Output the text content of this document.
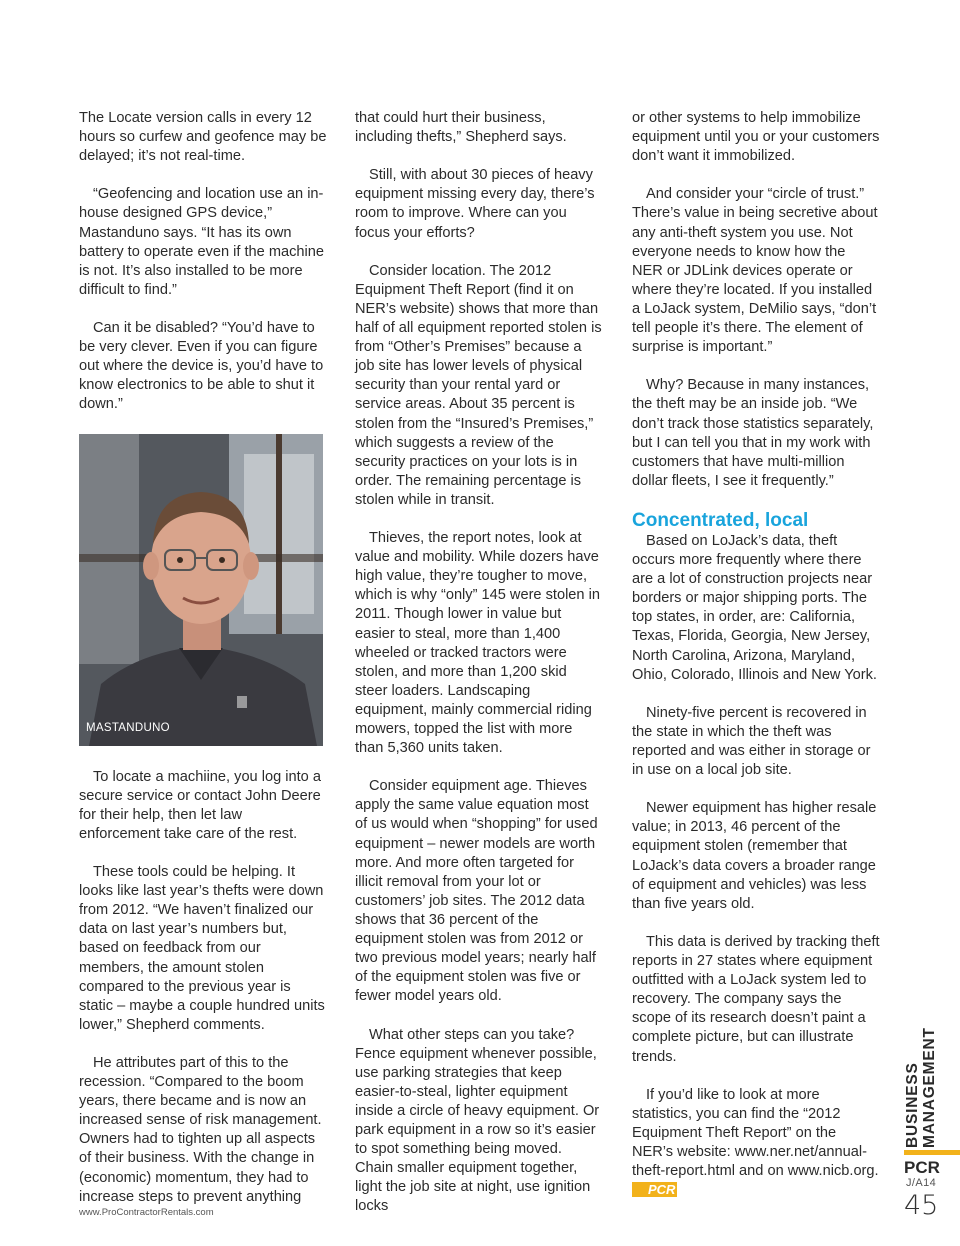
The Locate version calls in every 12 hours so curfew and geofence may be delayed; it’s not real-time.

“Geofencing and location use an in-house designed GPS device,” Mastanduno says. “It has its own battery to operate even if the machine is not. It’s also installed to be more difficult to find.”

Can it be disabled? “You’d have to be very clever. Even if you can figure out where the device is, you’d have to know electronics to be able to shut it down.”

MASTANDUNO

To locate a machiine, you log into a secure service or contact John Deere for their help, then let law enforcement take care of the rest.

These tools could be helping. It looks like last year’s thefts were down from 2012. “We haven’t finalized our data on last year’s numbers but, based on feedback from our members, the amount stolen compared to the previous year is static – maybe a couple hundred units lower,” Shepherd comments.

He attributes part of this to the recession. “Compared to the boom years, there became and is now an increased sense of risk management. Owners had to tighten up all aspects of their business. With the change in (economic) momentum, they had to increase steps to prevent anything

that could hurt their business, including thefts,” Shepherd says.

Still, with about 30 pieces of heavy equipment missing every day, there’s room to improve. Where can you focus your efforts?

Consider location. The 2012 Equipment Theft Report (find it on NER’s website) shows that more than half of all equipment reported stolen is from “Other’s Premises” because a job site has lower levels of physical security than your rental yard or service areas. About 35 percent is stolen from the “Insured’s Premises,” which suggests a review of the security practices on your lots is in order. The remaining percentage is stolen while in transit.

Thieves, the report notes, look at value and mobility. While dozers have high value, they’re tougher to move, which is why “only” 145 were stolen in 2011. Though lower in value but easier to steal, more than 1,400 wheeled or tracked tractors were stolen, and more than 1,200 skid steer loaders. Landscaping equipment, mainly commercial riding mowers, topped the list with more than 5,360 units taken.

Consider equipment age. Thieves apply the same value equation most of us would when “shopping” for used equipment – newer models are worth more. And more often targeted for illicit removal from your lot or customers’ job sites. The 2012 data shows that 36 percent of the equipment stolen was from 2012 or two previous model years; nearly half of the equipment stolen was five or fewer model years old.

What other steps can you take? Fence equipment whenever possible, use parking strategies that keep easier-to-steal, lighter equipment inside a circle of heavy equipment. Or park equipment in a row so it’s easier to spot something being moved. Chain smaller equipment together, light the job site at night, use ignition locks

or other systems to help immobilize equipment until you or your customers don’t want it immobilized.

And consider your “circle of trust.” There’s value in being secretive about any anti-theft system you use. Not everyone needs to know how the NER or JDLink devices operate or where they’re located. If you installed a LoJack system, DeMilio says, “don’t tell people it’s there. The element of surprise is important.”

Why? Because in many instances, the theft may be an inside job. “We don’t track those statistics separately, but I can tell you that in my work with customers that have multi-million dollar fleets, I see it frequently.”

Concentrated, local

Based on LoJack’s data, theft occurs more frequently where there are a lot of construction projects near borders or major shipping ports. The top states, in order, are: California, Texas, Florida, Georgia, New Jersey, North Carolina, Arizona, Maryland, Ohio, Colorado, Illinois and New York.

Ninety-five percent is recovered in the state in which the theft was reported and was either in storage or in use on a local job site.

Newer equipment has higher resale value; in 2013, 46 percent of the equipment stolen (remember that LoJack’s data covers a broader range of equipment and vehicles) was less than five years old.

This data is derived by tracking theft reports in 27 states where equipment outfitted with a LoJack system led to recovery. The company says the scope of its research doesn’t paint a complete picture, but can illustrate trends.

If you’d like to look at more statistics, you can find the “2012 Equipment Theft Report” on the NER’s website: www.ner.net/annual-theft-report.html and on www.nicb.org. PCR

www.ProContractorRentals.com
BUSINESS MANAGEMENT
PCR
J/A14
45
